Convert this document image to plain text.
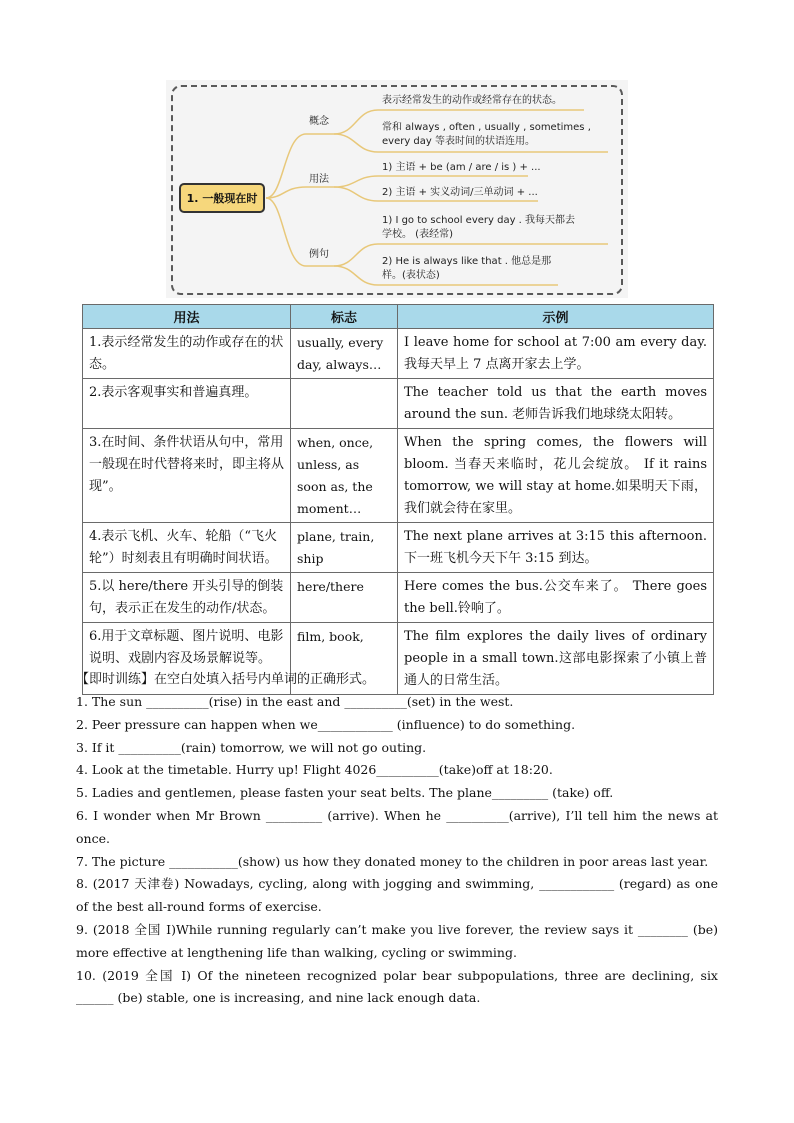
1. 一般现在时
概念
用法
例句
表示经常发生的动作或经常存在的状态。
常和 always , often , usually , sometimes , every day 等表时间的状语连用。
1) 主语 + be (am / are / is ) + ...
2) 主语 + 实义动词/三单动词 + ...
1) I go to school every day . 我每天都去学校。 (表经常)
2) He is always like that . 他总是那样。(表状态)
用法	标志	示例
1.表示经常发生的动作或存在的状态。	usually, every day, always…	I leave home for school at 7:00 am every day. 我每天早上 7 点离开家去上学。
2.表示客观事实和普遍真理。		The teacher told us that the earth moves around the sun. 老师告诉我们地球绕太阳转。
3.在时间、条件状语从句中，常用一般现在时代替将来时，即主将从现”。	when, once, unless, as soon as, the moment…	When the spring comes, the flowers will bloom. 当春天来临时，花儿会绽放。 If it rains tomorrow, we will stay at home.如果明天下雨，我们就会待在家里。
4.表示飞机、火车、轮船（“飞火轮”）时刻表且有明确时间状语。	plane, train, ship	The next plane arrives at 3:15 this afternoon. 下一班飞机今天下午 3:15 到达。
5.以 here/there 开头引导的倒装句，表示正在发生的动作/状态。	here/there	Here comes the bus.公交车来了。 There goes the bell.铃响了。
6.用于文章标题、图片说明、电影说明、戏剧内容及场景解说等。	film, book,	The film explores the daily lives of ordinary people in a small town.这部电影探索了小镇上普通人的日常生活。
【即时训练】在空白处填入括号内单词的正确形式。
1. The sun __________(rise) in the east and __________(set) in the west.
2. Peer pressure can happen when we____________ (influence) to do something.
3. If it __________(rain) tomorrow, we will not go outing.
4. Look at the timetable. Hurry up! Flight 4026__________(take)off at 18:20.
5. Ladies and gentlemen, please fasten your seat belts. The plane_________ (take) off.
6. I wonder when Mr Brown _________ (arrive). When he __________(arrive), I’ll tell him the news at once.
7. The picture ___________(show) us how they donated money to the children in poor areas last year.
8. (2017 天津卷) Nowadays, cycling, along with jogging and swimming, ____________ (regard) as one of the best all-round forms of exercise.
9. (2018 全国 I)While running regularly can’t make you live forever, the review says it ________ (be) more effective at lengthening life than walking, cycling or swimming.
10. (2019 全国 I) Of the nineteen recognized polar bear subpopulations, three are declining, six ______ (be) stable, one is increasing, and nine lack enough data.
